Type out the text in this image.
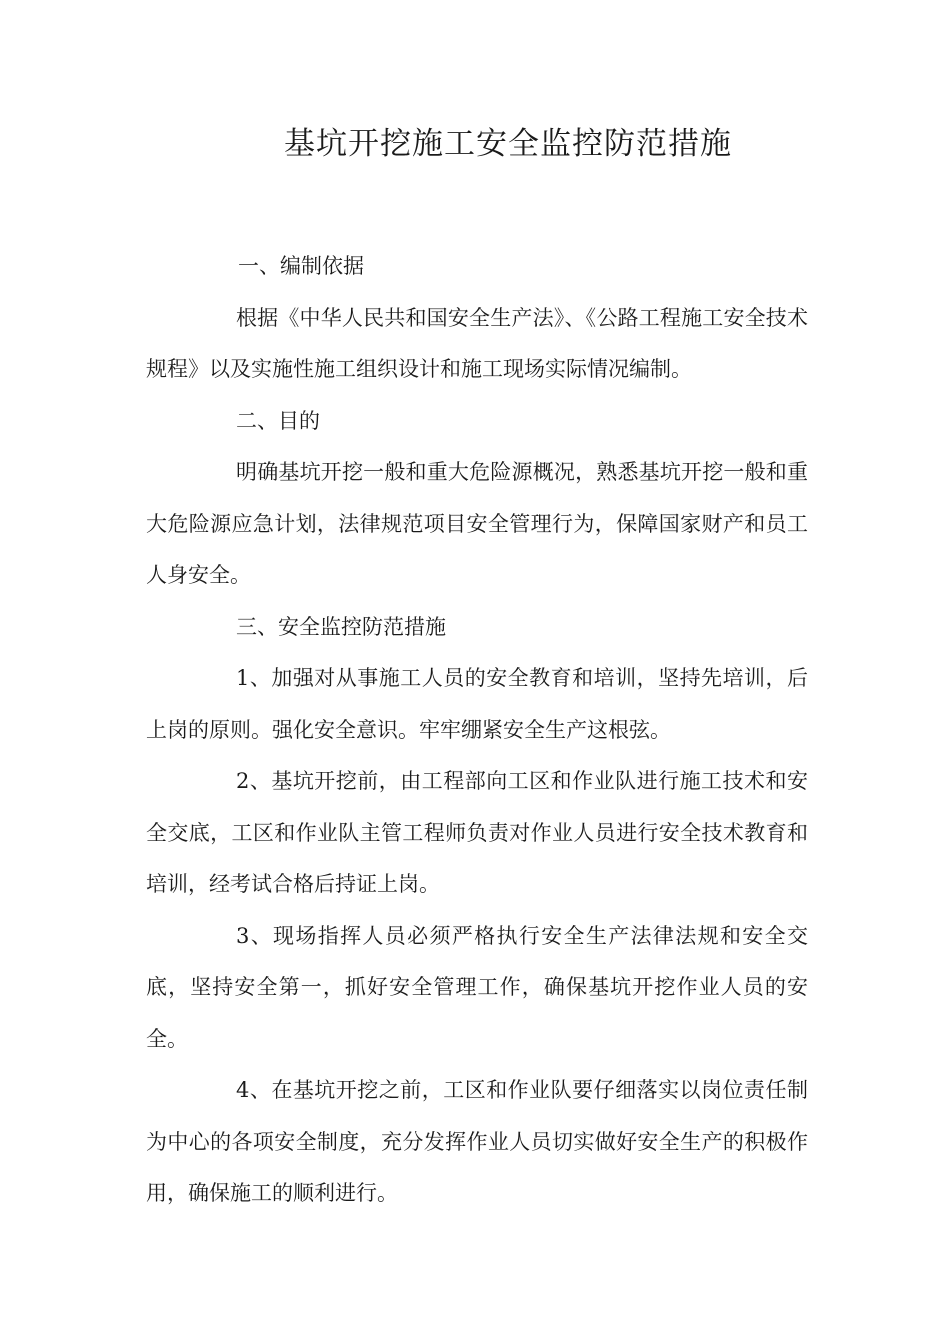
基坑开挖施工安全监控防范措施

一、编制依据

根据《中华人民共和国安全生产法》、《公路工程施工安全技术规程》以及实施性施工组织设计和施工现场实际情况编制。

二、目的

明确基坑开挖一般和重大危险源概况，熟悉基坑开挖一般和重大危险源应急计划，法律规范项目安全管理行为，保障国家财产和员工人身安全。

三、安全监控防范措施

1、加强对从事施工人员的安全教育和培训，坚持先培训，后上岗的原则。强化安全意识。牢牢绷紧安全生产这根弦。

2、基坑开挖前，由工程部向工区和作业队进行施工技术和安全交底，工区和作业队主管工程师负责对作业人员进行安全技术教育和培训，经考试合格后持证上岗。

3、现场指挥人员必须严格执行安全生产法律法规和安全交底，坚持安全第一，抓好安全管理工作，确保基坑开挖作业人员的安全。

4、在基坑开挖之前，工区和作业队要仔细落实以岗位责任制为中心的各项安全制度，充分发挥作业人员切实做好安全生产的积极作用，确保施工的顺利进行。
